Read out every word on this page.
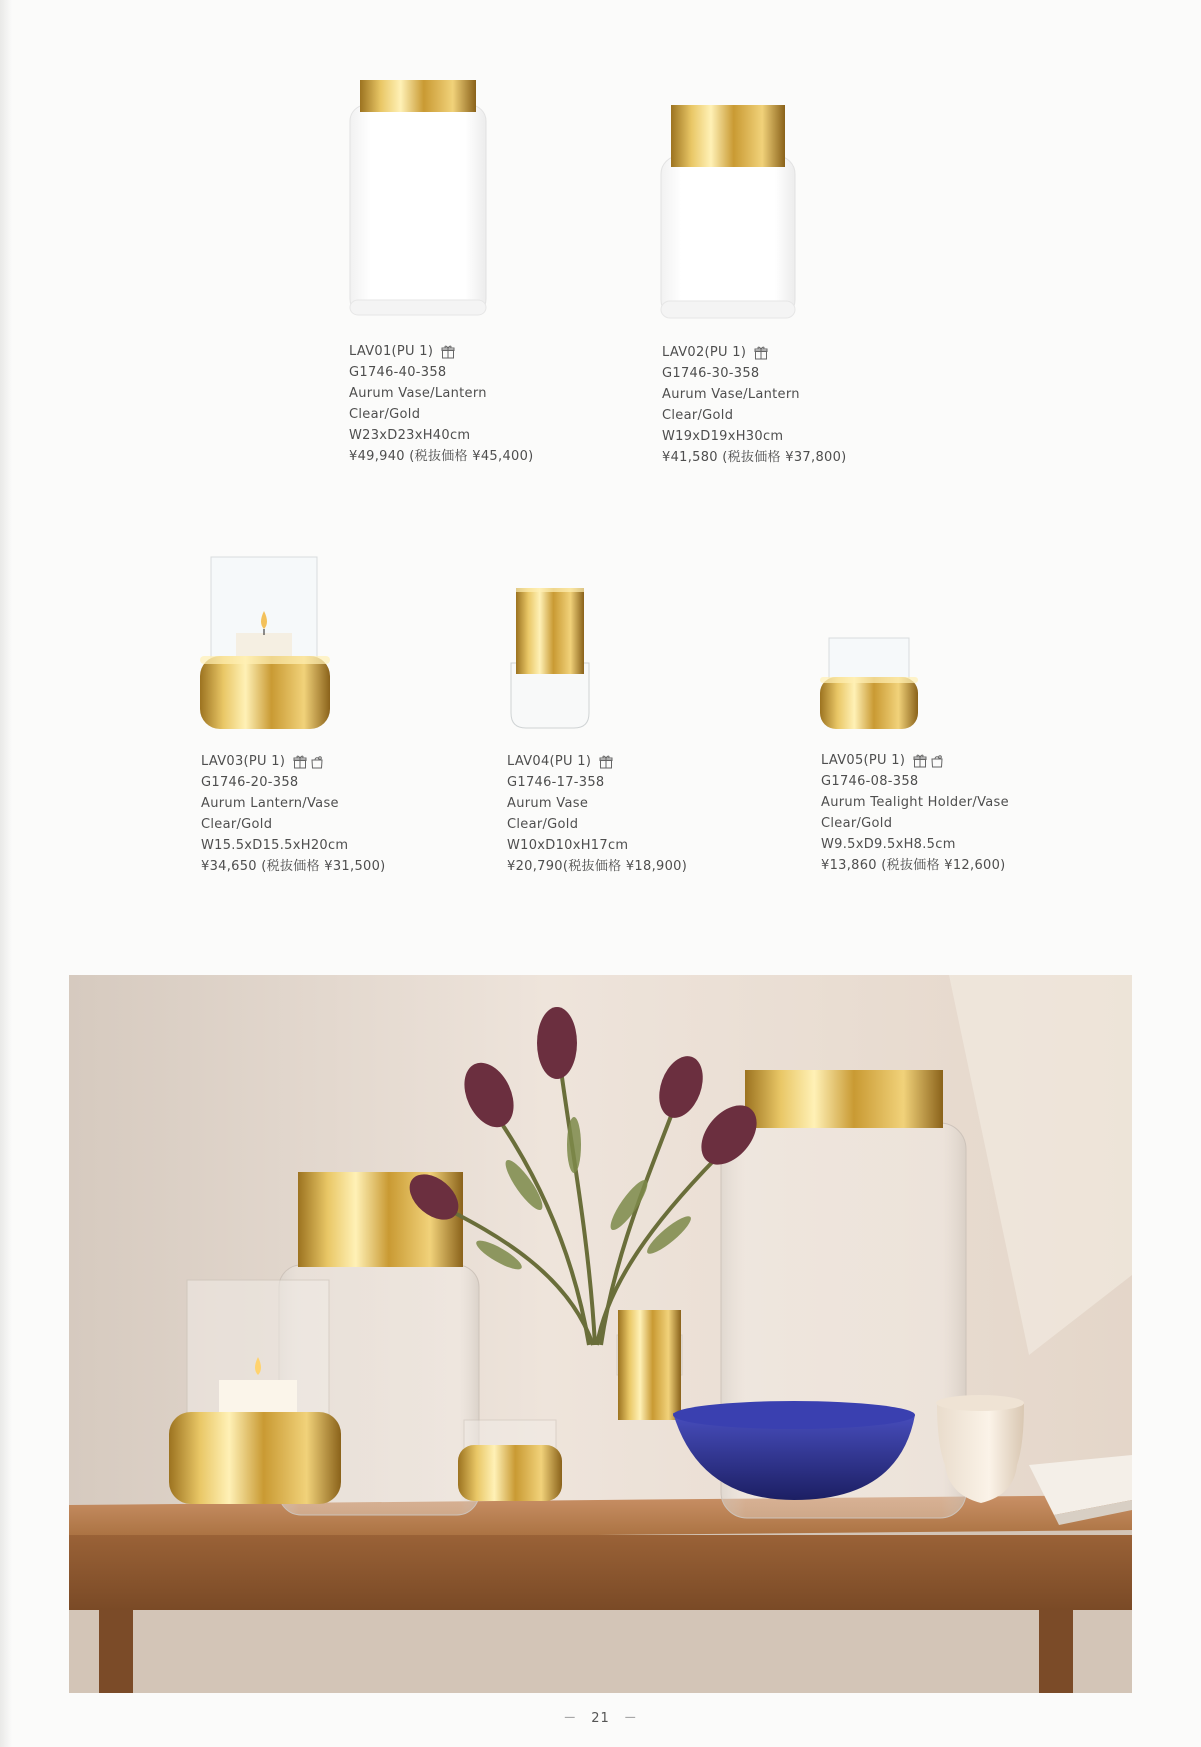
LAV01(PU 1)
G1746-40-358
Aurum Vase/Lantern
Clear/Gold
W23xD23xH40cm
¥49,940 (税抜価格 ¥45,400)
LAV02(PU 1)
G1746-30-358
Aurum Vase/Lantern
Clear/Gold
W19xD19xH30cm
¥41,580 (税抜価格 ¥37,800)
LAV03(PU 1)
G1746-20-358
Aurum Lantern/Vase
Clear/Gold
W15.5xD15.5xH20cm
¥34,650 (税抜価格 ¥31,500)
LAV04(PU 1)
G1746-17-358
Aurum Vase
Clear/Gold
W10xD10xH17cm
¥20,790(税抜価格 ¥18,900)
LAV05(PU 1)
G1746-08-358
Aurum Tealight Holder/Vase
Clear/Gold
W9.5xD9.5xH8.5cm
¥13,860 (税抜価格 ¥12,600)
－　21　－
